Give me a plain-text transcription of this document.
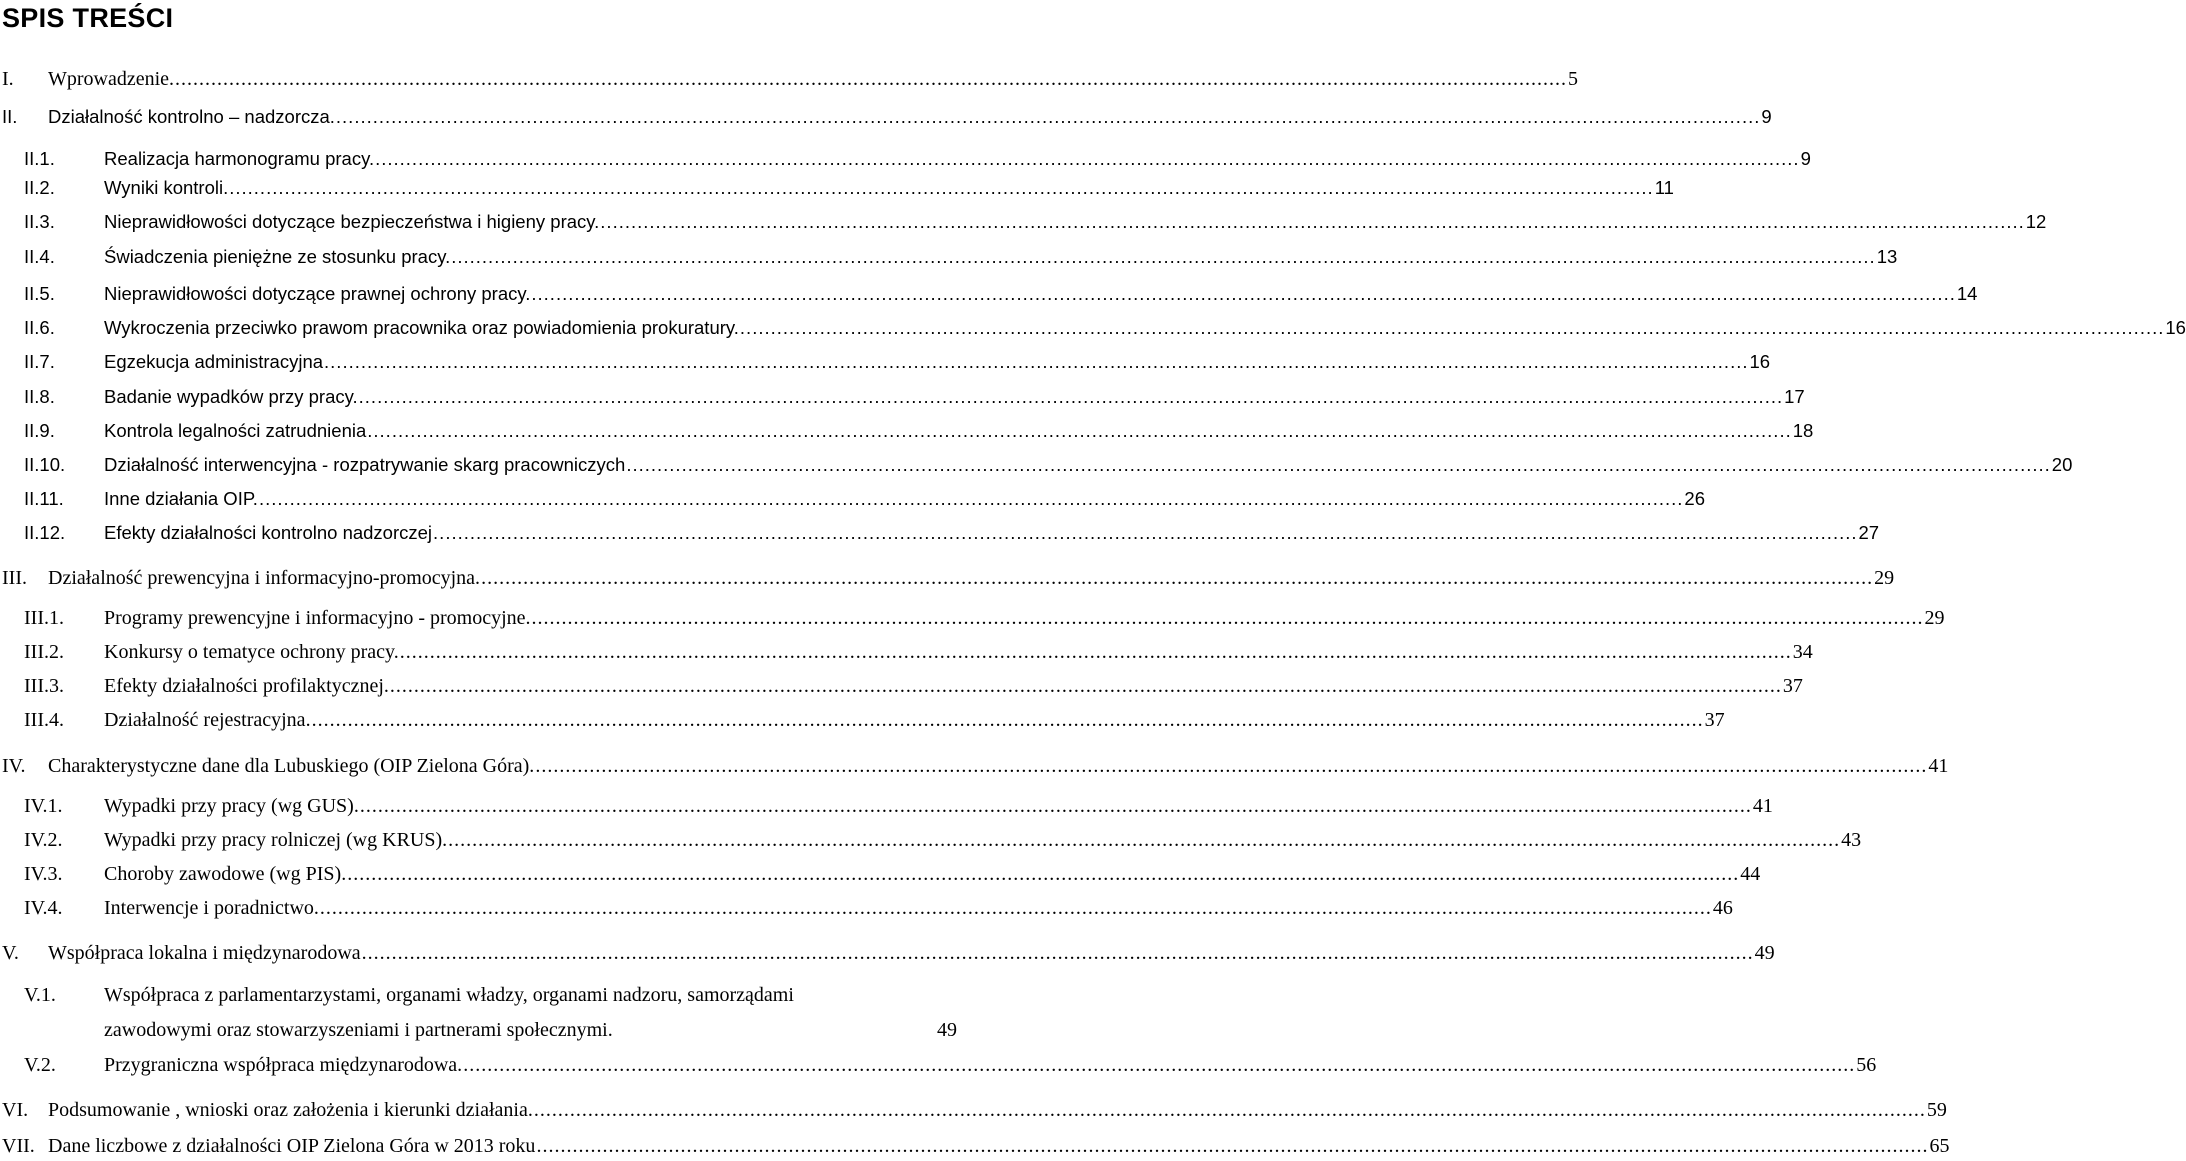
SPIS TREŚCI
I. Wprowadzenie. ........................................................................................................................................................................................................................................ 5
II. Działalność kontrolno – nadzorcza. ........................................................................................................................................................................................................................................ 9
II.1.	Realizacja harmonogramu pracy. ........................................................................................................................................................................................................................................ 9
II.2.	Wyniki kontroli. ........................................................................................................................................................................................................................................ 11
II.3.	Nieprawidłowości dotyczące bezpieczeństwa i higieny pracy. ........................................................................................................................................................................................................................................ 12
II.4.	Świadczenia pieniężne ze stosunku pracy. ........................................................................................................................................................................................................................................ 13
II.5.	Nieprawidłowości dotyczące prawnej ochrony pracy. ........................................................................................................................................................................................................................................ 14
II.6.	Wykroczenia przeciwko prawom pracownika oraz powiadomienia prokuratury. ........................................................................................................................................................................................................................................ 16
II.7.	Egzekucja administracyjna ........................................................................................................................................................................................................................................ 16
II.8.	Badanie wypadków przy pracy. ........................................................................................................................................................................................................................................ 17
II.9.	Kontrola legalności zatrudnienia ........................................................................................................................................................................................................................................ 18
II.10. Działalność interwencyjna - rozpatrywanie skarg pracowniczych ........................................................................................................................................................................................................................................ 20
II.11. Inne działania OIP. ........................................................................................................................................................................................................................................ 26
II.12. Efekty działalności kontrolno nadzorczej ........................................................................................................................................................................................................................................ 27
III. Działalność prewencyjna i informacyjno-promocyjna. ........................................................................................................................................................................................................................................ 29
III.1. Programy prewencyjne i informacyjno - promocyjne. ........................................................................................................................................................................................................................................ 29
III.2. Konkursy o tematyce ochrony pracy. ........................................................................................................................................................................................................................................ 34
III.3. Efekty działalności profilaktycznej. ........................................................................................................................................................................................................................................ 37
III.4. Działalność rejestracyjna. ........................................................................................................................................................................................................................................ 37
IV. Charakterystyczne dane dla Lubuskiego (OIP Zielona Góra). ........................................................................................................................................................................................................................................ 41
IV.1. Wypadki przy pracy (wg GUS). ........................................................................................................................................................................................................................................ 41
IV.2. Wypadki przy pracy rolniczej (wg KRUS). ........................................................................................................................................................................................................................................ 43
IV.3. Choroby zawodowe (wg PIS). ........................................................................................................................................................................................................................................ 44
IV.4. Interwencje i poradnictwo. ........................................................................................................................................................................................................................................ 46
V. Współpraca lokalna i międzynarodowa ........................................................................................................................................................................................................................................ 49
V.1. Współpraca z parlamentarzystami, organami władzy, organami nadzoru, samorządami
zawodowymi oraz stowarzyszeniami i partnerami społecznymi.	49
V.2. Przygraniczna współpraca międzynarodowa. ........................................................................................................................................................................................................................................ 56
VI. Podsumowanie , wnioski oraz założenia i kierunki działania. ........................................................................................................................................................................................................................................ 59
VII. Dane liczbowe z działalności OIP Zielona Góra w 2013 roku ........................................................................................................................................................................................................................................ 65
